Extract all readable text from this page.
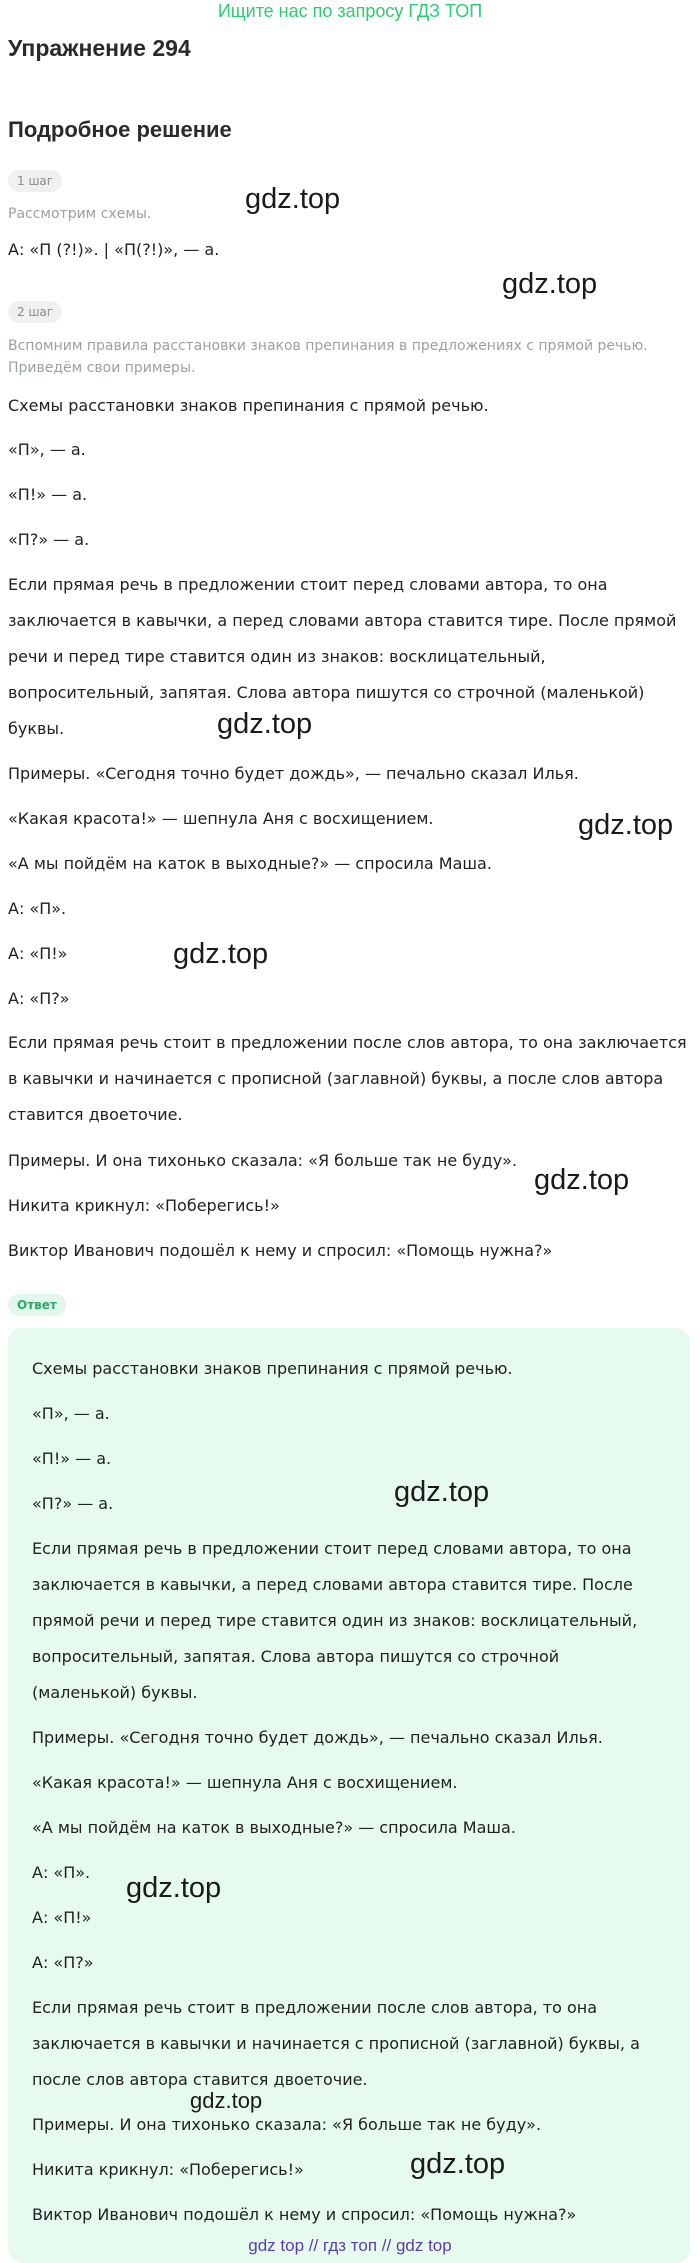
Ищите нас по запросу ГДЗ ТОП
Упражнение 294
Подробное решение
1 шаг
Рассмотрим схемы.
А: «П (?!)». | «П(?!)», — а.
2 шаг
Вспомним правила расстановки знаков препинания в предложениях с прямой речью. Приведём свои примеры.
Схемы расстановки знаков препинания с прямой речью.
«П», — а.
«П!» — а.
«П?» — а.
Если прямая речь в предложении стоит перед словами автора, то она заключается в кавычки, а перед словами автора ставится тире. После прямой речи и перед тире ставится один из знаков: восклицательный, вопросительный, запятая. Слова автора пишутся со строчной (маленькой) буквы.
Примеры. «Сегодня точно будет дождь», — печально сказал Илья.
«Какая красота!» — шепнула Аня с восхищением.
«А мы пойдём на каток в выходные?» — спросила Маша.
А: «П».
А: «П!»
А: «П?»
Если прямая речь стоит в предложении после слов автора, то она заключается в кавычки и начинается с прописной (заглавной) буквы, а после слов автора ставится двоеточие.
Примеры. И она тихонько сказала: «Я больше так не буду».
Никита крикнул: «Поберегись!»
Виктор Иванович подошёл к нему и спросил: «Помощь нужна?»
Ответ
Схемы расстановки знаков препинания с прямой речью.
«П», — а.
«П!» — а.
«П?» — а.
Если прямая речь в предложении стоит перед словами автора, то она заключается в кавычки, а перед словами автора ставится тире. После прямой речи и перед тире ставится один из знаков: восклицательный, вопросительный, запятая. Слова автора пишутся со строчной (маленькой) буквы.
Примеры. «Сегодня точно будет дождь», — печально сказал Илья.
«Какая красота!» — шепнула Аня с восхищением.
«А мы пойдём на каток в выходные?» — спросила Маша.
А: «П».
А: «П!»
А: «П?»
Если прямая речь стоит в предложении после слов автора, то она заключается в кавычки и начинается с прописной (заглавной) буквы, а после слов автора ставится двоеточие.
Примеры. И она тихонько сказала: «Я больше так не буду».
Никита крикнул: «Поберегись!»
Виктор Иванович подошёл к нему и спросил: «Помощь нужна?»
gdz.top
gdz.top
gdz.top
gdz.top
gdz.top
gdz.top
gdz.top
gdz.top
gdz.top
gdz.top
gdz top // гдз топ // gdz top
